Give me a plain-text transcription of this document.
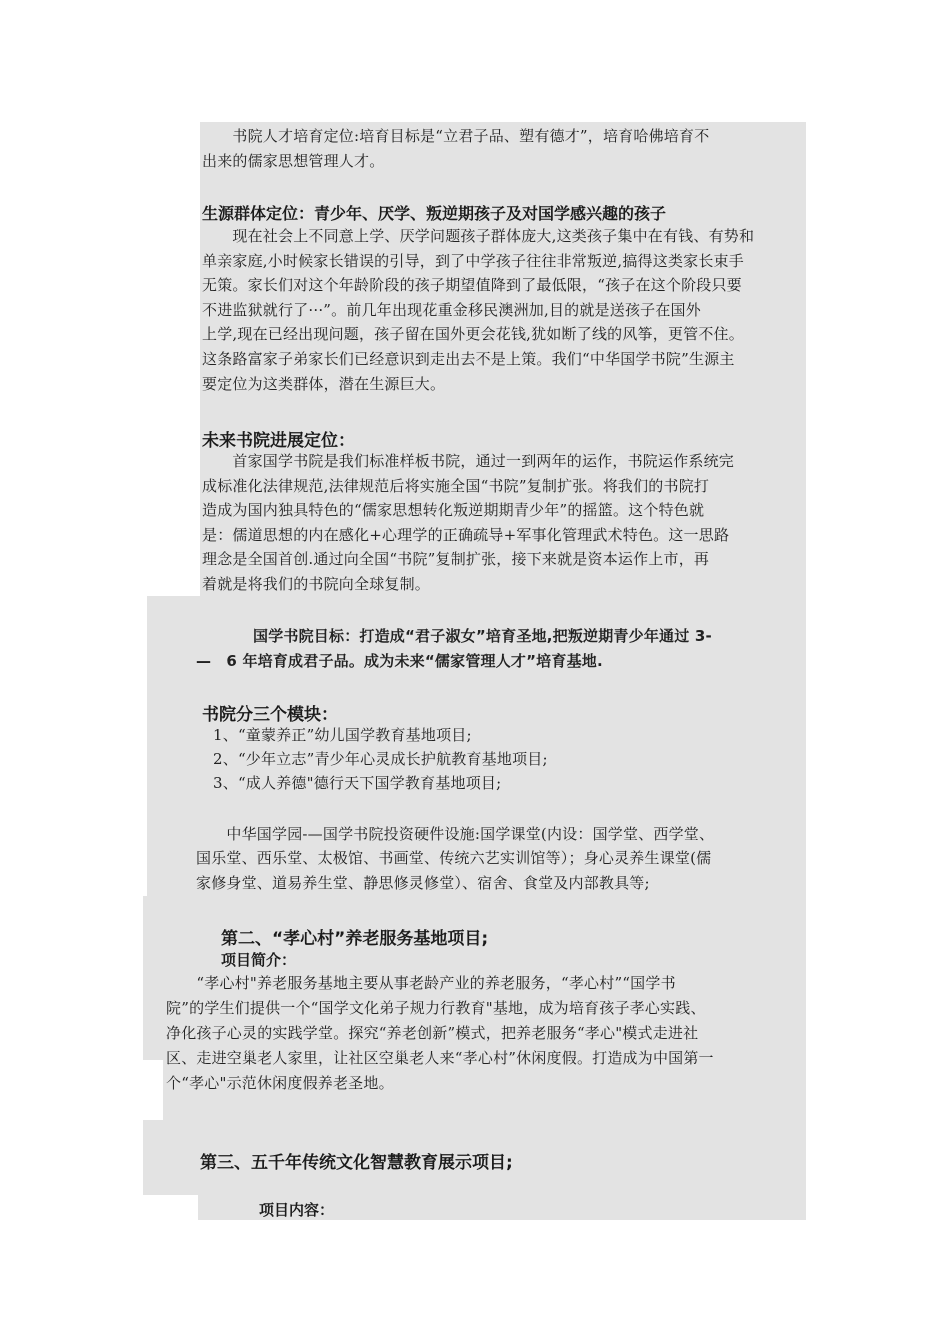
　　书院人才培育定位:培育目标是“立君子品、塑有德才”，培育哈佛培育不
出来的儒家思想管理人才。
生源群体定位：青少年、厌学、叛逆期孩子及对国学感兴趣的孩子
　　现在社会上不同意上学、厌学问题孩子群体庞大,这类孩子集中在有钱、有势和
单亲家庭,小时候家长错误的引导，到了中学孩子往往非常叛逆,搞得这类家长束手
无策。家长们对这个年龄阶段的孩子期望值降到了最低限，“孩子在这个阶段只要
不进监狱就行了···”。前几年出现花重金移民澳洲加,目的就是送孩子在国外
上学,现在已经出现问题，孩子留在国外更会花钱,犹如断了线的风筝，更管不住。
这条路富家子弟家长们已经意识到走出去不是上策。我们“中华国学书院”生源主
要定位为这类群体，潜在生源巨大。
未来书院进展定位：
　　首家国学书院是我们标准样板书院，通过一到两年的运作，书院运作系统完
成标准化法律规范,法律规范后将实施全国“书院”复制扩张。将我们的书院打
造成为国内独具特色的“儒家思想转化叛逆期期青少年”的摇篮。这个特色就
是：儒道思想的内在感化+心理学的正确疏导+军事化管理武术特色。这一思路
理念是全国首创.通过向全国“书院”复制扩张，接下来就是资本运作上市，再
着就是将我们的书院向全球复制。
国学书院目标：打造成“君子淑女”培育圣地,把叛逆期青少年通过 3-
—　6 年培育成君子品。成为未来“儒家管理人才”培育基地.
书院分三个模块：
1、“童蒙养正”幼儿国学教育基地项目;
2、“少年立志”青少年心灵成长护航教育基地项目;
3、“成人养德"德行天下国学教育基地项目;
　　中华国学园-—国学书院投资硬件设施:国学课堂(内设：国学堂、西学堂、
国乐堂、西乐堂、太极馆、书画堂、传统六艺实训馆等）；身心灵养生课堂(儒
家修身堂、道易养生堂、静思修灵修堂）、宿舍、食堂及内部教具等;
第二、“孝心村”养老服务基地项目;
项目简介：
　　“孝心村"养老服务基地主要从事老龄产业的养老服务，“孝心村”“国学书
院”的学生们提供一个“国学文化弟子规力行教育"基地，成为培育孩子孝心实践、
净化孩子心灵的实践学堂。探究“养老创新”模式，把养老服务“孝心"模式走进社
区、走进空巢老人家里，让社区空巢老人来“孝心村”休闲度假。打造成为中国第一
个“孝心"示范休闲度假养老圣地。
第三、五千年传统文化智慧教育展示项目;
项目内容：
